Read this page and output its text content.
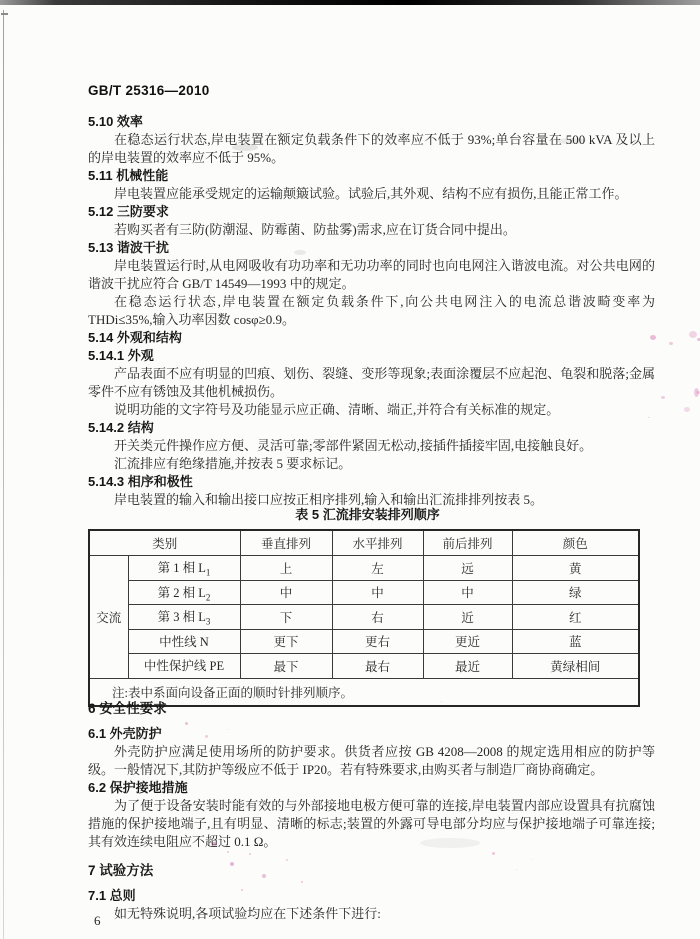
GB/T 25316—2010
5.10 效率

在稳态运行状态,岸电装置在额定负载条件下的效率应不低于 93%;单台容量在 500 kVA 及以上的岸电装置的效率应不低于 95%。

5.11 机械性能

岸电装置应能承受规定的运输颠簸试验。试验后,其外观、结构不应有损伤,且能正常工作。

5.12 三防要求

若购买者有三防(防潮湿、防霉菌、防盐雾)需求,应在订货合同中提出。

5.13 谐波干扰

岸电装置运行时,从电网吸收有功功率和无功功率的同时也向电网注入谐波电流。对公共电网的谐波干扰应符合 GB/T 14549—1993 中的规定。

在稳态运行状态,岸电装置在额定负载条件下,向公共电网注入的电流总谐波畸变率为 THDi≤35%,输入功率因数 cosφ≥0.9。

5.14 外观和结构
5.14.1 外观

产品表面不应有明显的凹痕、划伤、裂缝、变形等现象;表面涂覆层不应起泡、龟裂和脱落;金属零件不应有锈蚀及其他机械损伤。

说明功能的文字符号及功能显示应正确、清晰、端正,并符合有关标准的规定。

5.14.2 结构

开关类元件操作应方便、灵活可靠;零部件紧固无松动,接插件插接牢固,电接触良好。

汇流排应有绝缘措施,并按表 5 要求标记。

5.14.3 相序和极性

岸电装置的输入和输出接口应按正相序排列,输入和输出汇流排排列按表 5。

表 5 汇流排安装排列顺序
类别		垂直排列	水平排列	前后排列	颜色
交流	第 1 相 $L_1$	上	左	远	黄
	第 2 相 $L_2$	中	中	中	绿
	第 3 相 $L_3$	下	右	近	红
	中性线 N	更下	更右	更近	蓝
	中性保护线 PE	最下	最右	最近	黄绿相间
注:表中系面向设备正面的顺时针排列顺序。					
6 安全性要求
6.1 外壳防护

外壳防护应满足使用场所的防护要求。供货者应按 GB 4208—2008 的规定选用相应的防护等级。一般情况下,其防护等级应不低于 IP20。若有特殊要求,由购买者与制造厂商协商确定。

6.2 保护接地措施

为了便于设备安装时能有效的与外部接地电极方便可靠的连接,岸电装置内部应设置具有抗腐蚀措施的保护接地端子,且有明显、清晰的标志;装置的外露可导电部分均应与保护接地端子可靠连接;其有效连续电阻应不超过 0.1 Ω。

7 试验方法
7.1 总则

如无特殊说明,各项试验均应在下述条件下进行:

6
